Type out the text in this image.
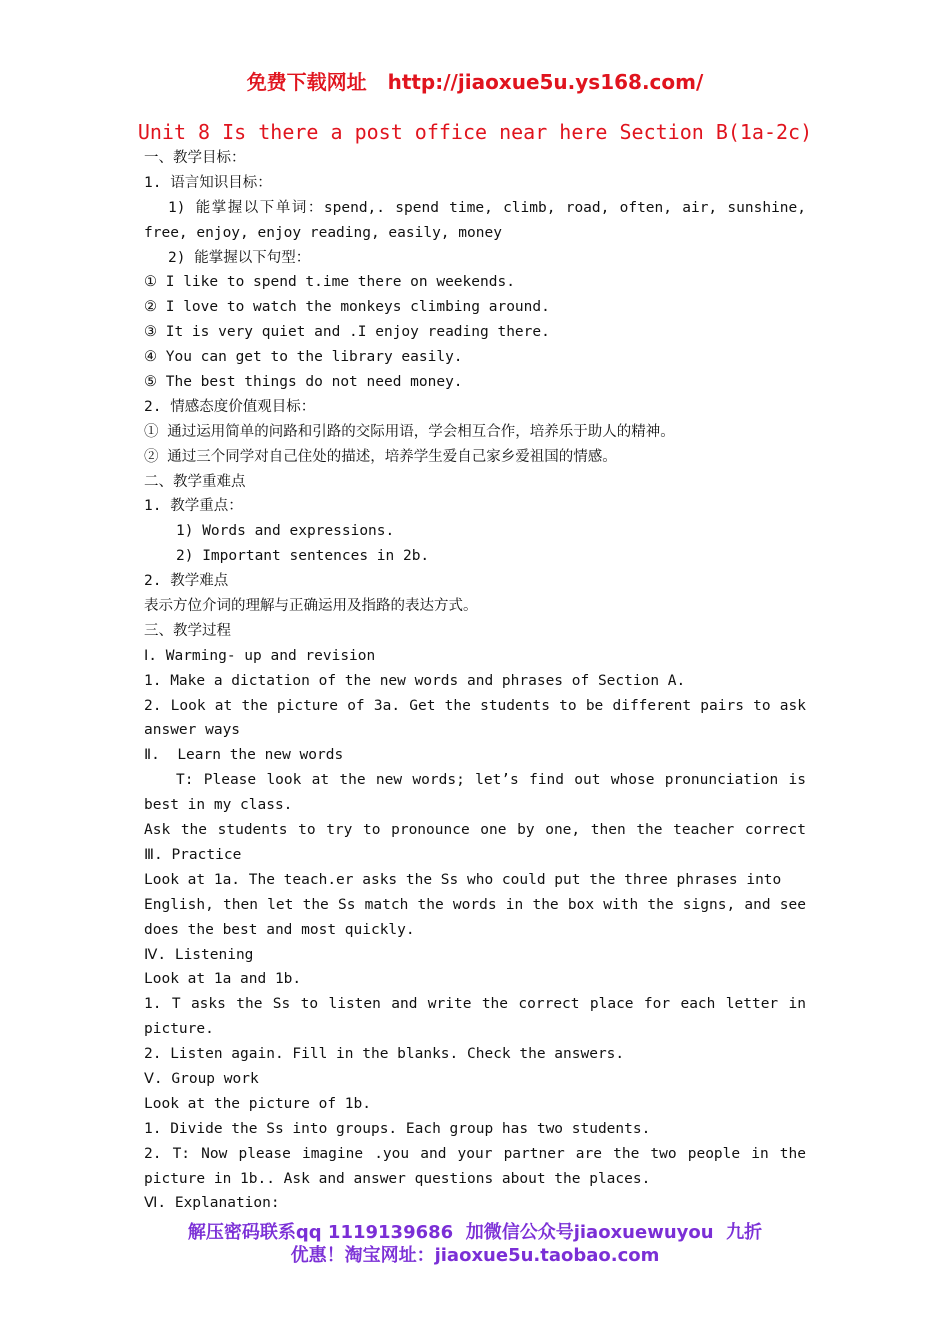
免费下载网址   http://jiaoxue5u.ys168.com/
Unit 8 Is there a post office near here Section B(1a-2c)
一、教学目标：
1. 语言知识目标：
1) 能掌握以下单词：spend,. spend time, climb, road, often, air, sunshine,
free, enjoy, enjoy reading, easily, money
2) 能掌握以下句型：
① I like to spend t.ime there on weekends.
② I love to watch the monkeys climbing around.
③ It is very quiet and .I enjoy reading there.
④ You can get to the library easily.
⑤ The best things do not need money.
2. 情感态度价值观目标：
① 通过运用简单的问路和引路的交际用语，学会相互合作，培养乐于助人的精神。
② 通过三个同学对自己住处的描述，培养学生爱自己家乡爱祖国的情感。
二、教学重难点
1. 教学重点：
1) Words and expressions.
2) Important sentences in 2b.
2. 教学难点
表示方位介词的理解与正确运用及指路的表达方式。
三、教学过程
Ⅰ. Warming- up and revision
1. Make a dictation of the new words and phrases of Section A.
2. Look at the picture of 3a. Get the students to be different pairs to ask
answer ways
Ⅱ.  Learn the new words
T: Please look at the new words; let’s find out whose pronunciation is
best in my class.
Ask the students to try to pronounce one by one, then the teacher correct
Ⅲ. Practice
Look at 1a. The teach.er asks the Ss who could put the three phrases into
English, then let the Ss match the words in the box with the signs, and see
does the best and most quickly.
Ⅳ. Listening
Look at 1a and 1b.
1. T asks the Ss to listen and write the correct place for each letter in
picture.
2. Listen again. Fill in the blanks. Check the answers.
Ⅴ. Group work
Look at the picture of 1b.
1. Divide the Ss into groups. Each group has two students.
2. T: Now please imagine .you and your partner are the two people in the
picture in 1b.. Ask and answer questions about the places.
Ⅵ. Explanation:
解压密码联系qq 1119139686  加微信公众号jiaoxuewuyou  九折
优惠！淘宝网址：jiaoxue5u.taobao.com
